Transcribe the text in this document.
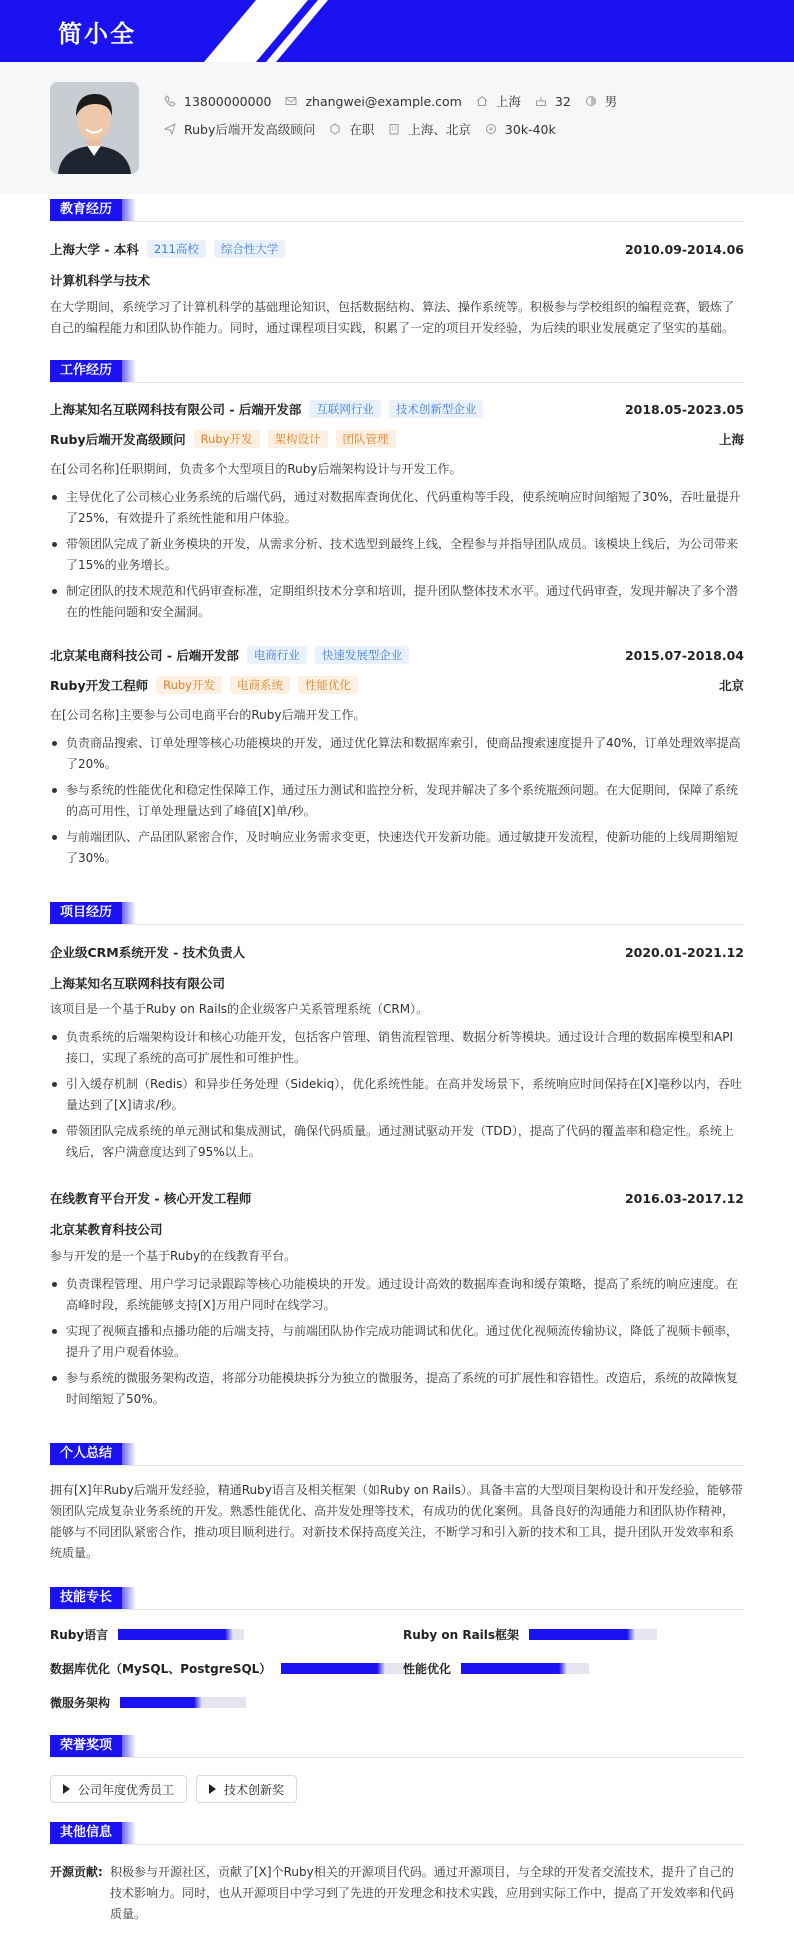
简小全
13800000000	zhangwei@example.com	上海	32	男
Ruby后端开发高级顾问	在职	上海、北京	30k-40k
教育经历
上海大学 - 本科	211高校	综合性大学	2010.09-2014.06
计算机科学与技术
在大学期间，系统学习了计算机科学的基础理论知识，包括数据结构、算法、操作系统等。积极参与学校组织的编程竞赛，锻炼了自己的编程能力和团队协作能力。同时，通过课程项目实践，积累了一定的项目开发经验，为后续的职业发展奠定了坚实的基础。
工作经历
上海某知名互联网科技有限公司 - 后端开发部	互联网行业	技术创新型企业	2018.05-2023.05
Ruby后端开发高级顾问	Ruby开发	架构设计	团队管理	上海
在[公司名称]任职期间，负责多个大型项目的Ruby后端架构设计与开发工作。
主导优化了公司核心业务系统的后端代码，通过对数据库查询优化、代码重构等手段，使系统响应时间缩短了30%，吞吐量提升了25%，有效提升了系统性能和用户体验。
带领团队完成了新业务模块的开发，从需求分析、技术选型到最终上线，全程参与并指导团队成员。该模块上线后，为公司带来了15%的业务增长。
制定团队的技术规范和代码审查标准，定期组织技术分享和培训，提升团队整体技术水平。通过代码审查，发现并解决了多个潜在的性能问题和安全漏洞。
北京某电商科技公司 - 后端开发部	电商行业	快速发展型企业	2015.07-2018.04
Ruby开发工程师	Ruby开发	电商系统	性能优化	北京
在[公司名称]主要参与公司电商平台的Ruby后端开发工作。
负责商品搜索、订单处理等核心功能模块的开发，通过优化算法和数据库索引，使商品搜索速度提升了40%，订单处理效率提高了20%。
参与系统的性能优化和稳定性保障工作，通过压力测试和监控分析，发现并解决了多个系统瓶颈问题。在大促期间，保障了系统的高可用性，订单处理量达到了峰值[X]单/秒。
与前端团队、产品团队紧密合作，及时响应业务需求变更，快速迭代开发新功能。通过敏捷开发流程，使新功能的上线周期缩短了30%。
项目经历
企业级CRM系统开发 - 技术负责人	2020.01-2021.12
上海某知名互联网科技有限公司
该项目是一个基于Ruby on Rails的企业级客户关系管理系统（CRM）。
负责系统的后端架构设计和核心功能开发，包括客户管理、销售流程管理、数据分析等模块。通过设计合理的数据库模型和API接口，实现了系统的高可扩展性和可维护性。
引入缓存机制（Redis）和异步任务处理（Sidekiq），优化系统性能。在高并发场景下，系统响应时间保持在[X]毫秒以内，吞吐量达到了[X]请求/秒。
带领团队完成系统的单元测试和集成测试，确保代码质量。通过测试驱动开发（TDD），提高了代码的覆盖率和稳定性。系统上线后，客户满意度达到了95%以上。
在线教育平台开发 - 核心开发工程师	2016.03-2017.12
北京某教育科技公司
参与开发的是一个基于Ruby的在线教育平台。
负责课程管理、用户学习记录跟踪等核心功能模块的开发。通过设计高效的数据库查询和缓存策略，提高了系统的响应速度。在高峰时段，系统能够支持[X]万用户同时在线学习。
实现了视频直播和点播功能的后端支持，与前端团队协作完成功能调试和优化。通过优化视频流传输协议，降低了视频卡顿率，提升了用户观看体验。
参与系统的微服务架构改造，将部分功能模块拆分为独立的微服务，提高了系统的可扩展性和容错性。改造后，系统的故障恢复时间缩短了50%。
个人总结
拥有[X]年Ruby后端开发经验，精通Ruby语言及相关框架（如Ruby on Rails）。具备丰富的大型项目架构设计和开发经验，能够带领团队完成复杂业务系统的开发。熟悉性能优化、高并发处理等技术，有成功的优化案例。具备良好的沟通能力和团队协作精神，能够与不同团队紧密合作，推动项目顺利进行。对新技术保持高度关注，不断学习和引入新的技术和工具，提升团队开发效率和系统质量。
技能专长
Ruby语言	Ruby on Rails框架
数据库优化（MySQL、PostgreSQL）	性能优化
微服务架构
荣誉奖项
公司年度优秀员工	技术创新奖
其他信息
开源贡献: 积极参与开源社区，贡献了[X]个Ruby相关的开源项目代码。通过开源项目，与全球的开发者交流技术，提升了自己的技术影响力。同时，也从开源项目中学习到了先进的开发理念和技术实践，应用到实际工作中，提高了开发效率和代码质量。
